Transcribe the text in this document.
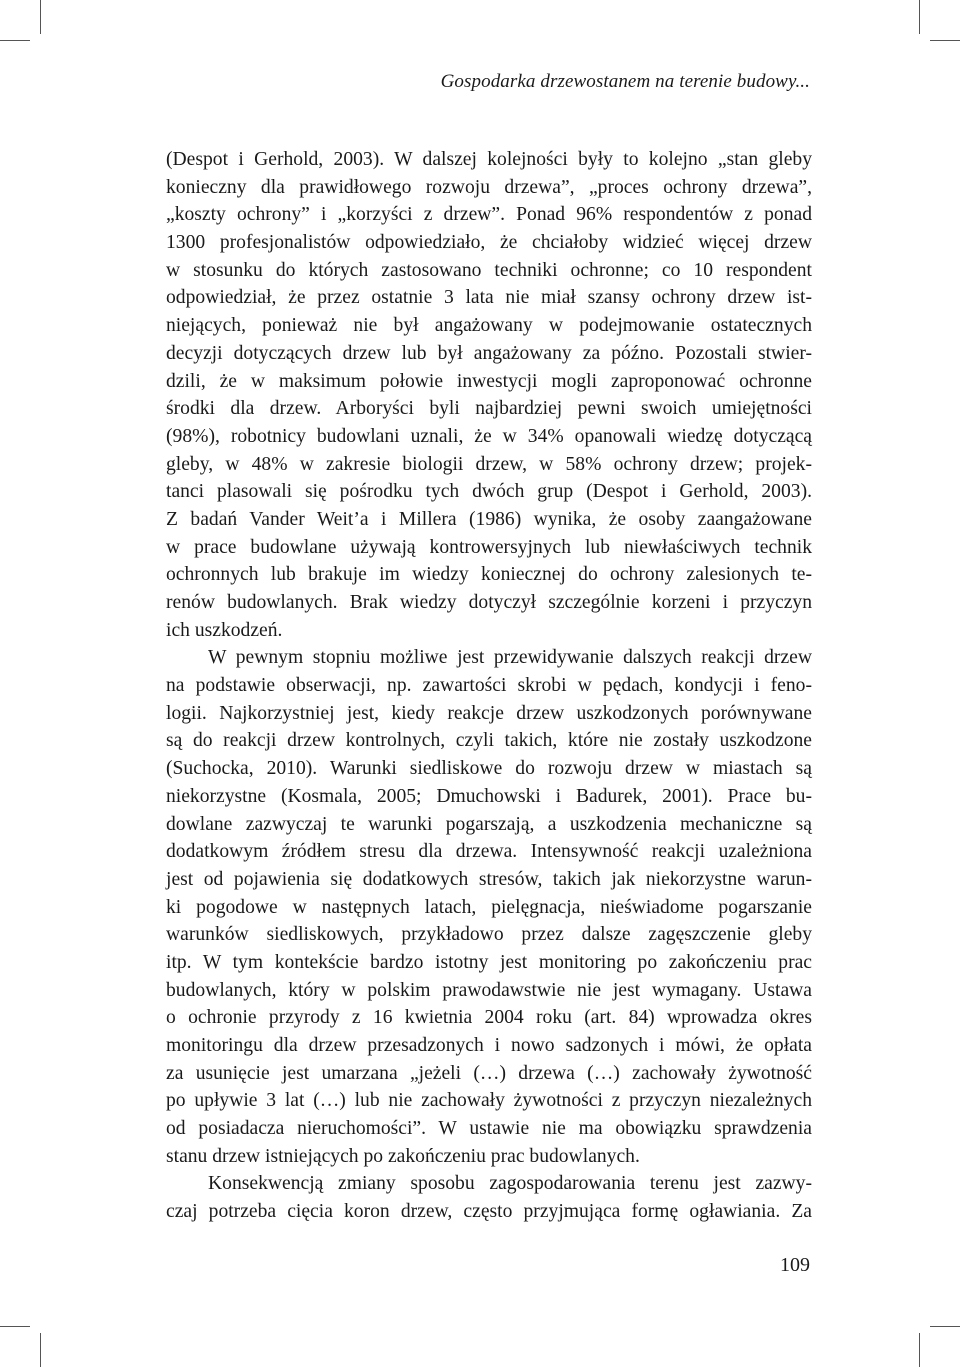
Gospodarka drzewostanem na terenie budowy...
(Despot i Gerhold, 2003). W dalszej kolejności były to kolejno „stan gleby
konieczny dla prawidłowego rozwoju drzewa”, „proces ochrony drzewa”,
„koszty ochrony” i „korzyści z drzew”. Ponad 96% respondentów z ponad
1300 profesjonalistów odpowiedziało, że chciałoby widzieć więcej drzew
w stosunku do których zastosowano techniki ochronne; co 10 respondent
odpowiedział, że przez ostatnie 3 lata nie miał szansy ochrony drzew ist-
niejących, ponieważ nie był angażowany w podejmowanie ostatecznych
decyzji dotyczących drzew lub był angażowany za późno. Pozostali stwier-
dzili, że w maksimum połowie inwestycji mogli zaproponować ochronne
środki dla drzew. Arboryści byli najbardziej pewni swoich umiejętności
(98%), robotnicy budowlani uznali, że w 34% opanowali wiedzę dotyczącą
gleby, w 48% w zakresie biologii drzew, w 58% ochrony drzew; projek-
tanci plasowali się pośrodku tych dwóch grup (Despot i Gerhold, 2003).
Z badań Vander Weit’a i Millera (1986) wynika, że osoby zaangażowane
w prace budowlane używają kontrowersyjnych lub niewłaściwych technik
ochronnych lub brakuje im wiedzy koniecznej do ochrony zalesionych te-
renów budowlanych. Brak wiedzy dotyczył szczególnie korzeni i przyczyn
ich uszkodzeń.
W pewnym stopniu możliwe jest przewidywanie dalszych reakcji drzew
na podstawie obserwacji, np. zawartości skrobi w pędach, kondycji i feno-
logii. Najkorzystniej jest, kiedy reakcje drzew uszkodzonych porównywane
są do reakcji drzew kontrolnych, czyli takich, które nie zostały uszkodzone
(Suchocka, 2010). Warunki siedliskowe do rozwoju drzew w miastach są
niekorzystne (Kosmala, 2005; Dmuchowski i Badurek, 2001). Prace bu-
dowlane zazwyczaj te warunki pogarszają, a uszkodzenia mechaniczne są
dodatkowym źródłem stresu dla drzewa. Intensywność reakcji uzależniona
jest od pojawienia się dodatkowych stresów, takich jak niekorzystne warun-
ki pogodowe w następnych latach, pielęgnacja, nieświadome pogarszanie
warunków siedliskowych, przykładowo przez dalsze zagęszczenie gleby
itp. W tym kontekście bardzo istotny jest monitoring po zakończeniu prac
budowlanych, który w polskim prawodawstwie nie jest wymagany. Ustawa
o ochronie przyrody z 16 kwietnia 2004 roku (art. 84) wprowadza okres
monitoringu dla drzew przesadzonych i nowo sadzonych i mówi, że opłata
za usunięcie jest umarzana „jeżeli (…) drzewa (…) zachowały żywotność
po upływie 3 lat (…) lub nie zachowały żywotności z przyczyn niezależnych
od posiadacza nieruchomości”. W ustawie nie ma obowiązku sprawdzenia
stanu drzew istniejących po zakończeniu prac budowlanych.
Konsekwencją zmiany sposobu zagospodarowania terenu jest zazwy-
czaj potrzeba cięcia koron drzew, często przyjmująca formę ogławiania. Za
109
